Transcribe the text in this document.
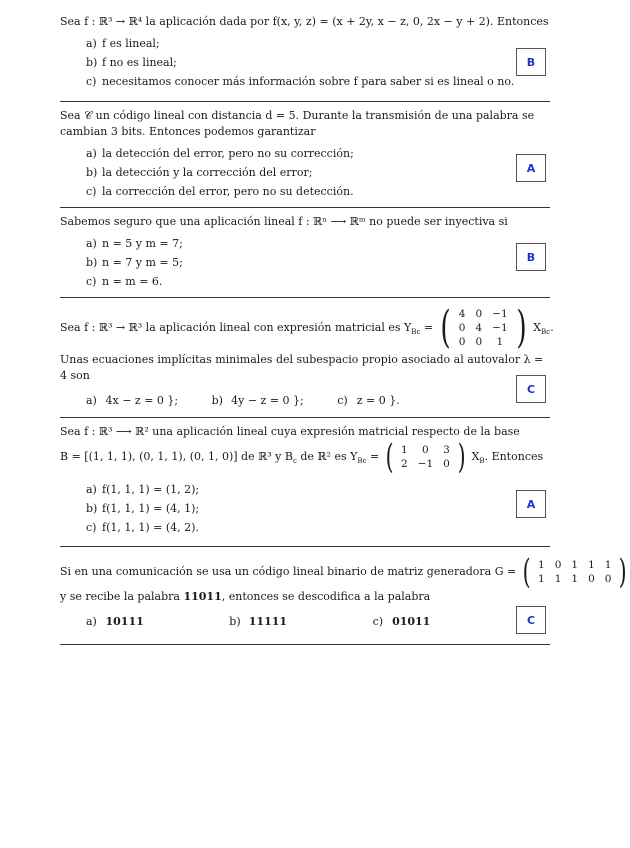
Sea f : ℝ³ → ℝ⁴ la aplicación dada por f(x, y, z) = (x + 2y, x − z, 0, 2x − y + 2). Entonces
a) f es lineal;
b) f no es lineal;
c) necesitamos conocer más información sobre f para saber si es lineal o no.
B
Sea 𝒞 un código lineal con distancia d = 5. Durante la transmisión de una palabra se cambian 3 bits. Entonces podemos garantizar
a) la detección del error, pero no su corrección;
b) la detección y la corrección del error;
c) la corrección del error, pero no su detección.
A
Sabemos seguro que una aplicación lineal f : ℝⁿ ⟶ ℝᵐ no puede ser inyectiva si
a) n = 5 y m = 7;
b) n = 7 y m = 5;
c) n = m = 6.
B
Sea f : ℝ³ → ℝ³ la aplicación lineal con expresión matricial es $Y_{Bc}$ = ( 4	0	−1
0	4	−1
0	0	1 ) $X_{Bc}$.
Unas ecuaciones implícitas minimales del subespacio propio asociado al autovalor λ = 4 son
a) 4x − z = 0 };	b) 4y − z = 0 };	c) z = 0 }.
C
Sea f : ℝ³ ⟶ ℝ² una aplicación lineal cuya expresión matricial respecto de la base
B = [(1, 1, 1), (0, 1, 1), (0, 1, 0)] de ℝ³ y $B_c$ de ℝ² es $Y_{Bc}$ = ( 1	0	3
2	−1	0 ) $X_B$. Entonces
a) f(1, 1, 1) = (1, 2);
b) f(1, 1, 1) = (4, 1);
c) f(1, 1, 1) = (4, 2).
A
Si en una comunicación se usa un código lineal binario de matriz generadora G = ( 1	0	1	1	1
1	1	1	0	0 )
y se recibe la palabra 11011, entonces se descodifica a la palabra
a) 10111	b) 11111	c) 01011	C
